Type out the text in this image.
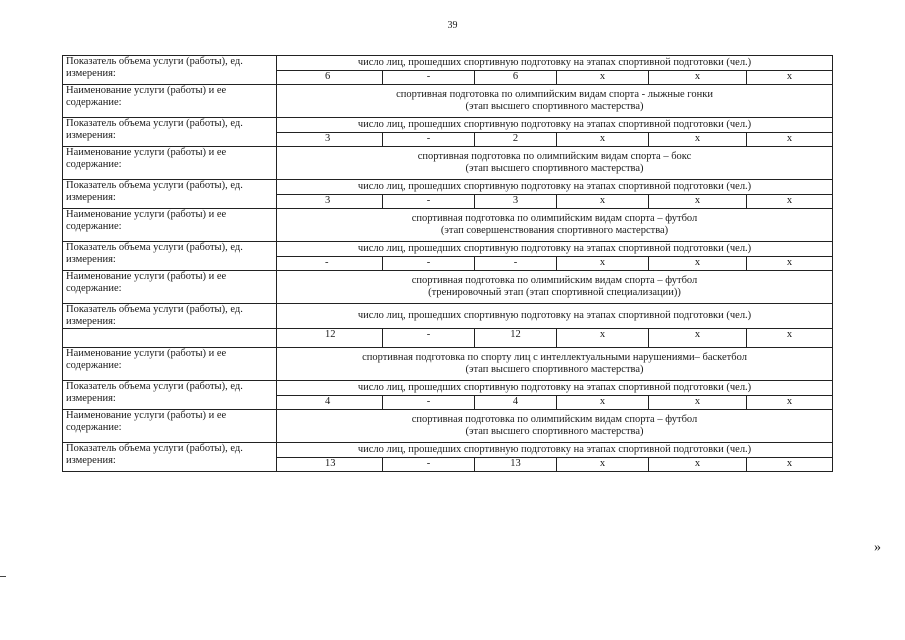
39
Показатель объема услуги (работы), ед. измерения:	число лиц, прошедших спортивную подготовку на этапах спортивной подготовки (чел.)					
	6	-	6	х	х	х
Наименование услуги (работы) и ее содержание:	спортивная подготовка по олимпийским видам спорта - лыжные гонки
(этап высшего спортивного мастерства)					

Показатель объема услуги (работы), ед. измерения:	число лиц, прошедших спортивную подготовку на этапах спортивной подготовки (чел.)					
	3	-	2	х	х	х
Наименование услуги (работы) и ее содержание:	спортивная подготовка по олимпийским видам спорта – бокс
(этап высшего спортивного мастерства)					

Показатель объема услуги (работы), ед. измерения:	число лиц, прошедших спортивную подготовку на этапах спортивной подготовки (чел.)					
	3	-	3	х	х	х
Наименование услуги (работы) и ее содержание:	спортивная подготовка по олимпийским видам спорта – футбол
(этап совершенствования спортивного мастерства)					

Показатель объема услуги (работы), ед. измерения:	число лиц, прошедших спортивную подготовку на этапах спортивной подготовки (чел.)					
	-	-	-	х	х	х
Наименование услуги (работы) и ее содержание:	спортивная подготовка по олимпийским видам спорта – футбол
(тренировочный этап (этап спортивной специализации))					

Показатель объема услуги (работы), ед. измерения:	число лиц, прошедших спортивную подготовку на этапах спортивной подготовки (чел.)					
	12	-	12	х	х	х
Наименование услуги (работы) и ее содержание:	спортивная подготовка по спорту лиц с интеллектуальными нарушениями– баскетбол
(этап высшего спортивного мастерства)					

Показатель объема услуги (работы), ед. измерения:	число лиц, прошедших спортивную подготовку на этапах спортивной подготовки (чел.)					
	4	-	4	х	х	х
Наименование услуги (работы) и ее содержание:	спортивная подготовка по олимпийским видам спорта – футбол
(этап высшего спортивного мастерства)					

Показатель объема услуги (работы), ед. измерения:	число лиц, прошедших спортивную подготовку на этапах спортивной подготовки (чел.)					
	13	-	13	х	х	х
»
